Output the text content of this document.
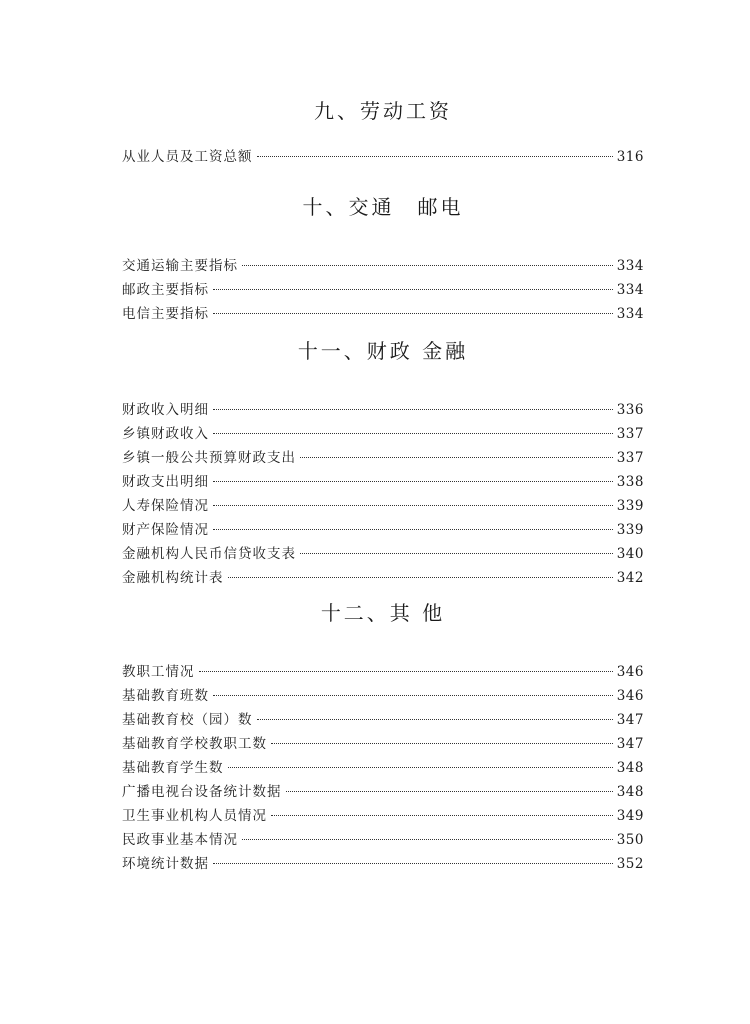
九、劳动工资
从业人员及工资总额	316
十、交通　邮电
交通运输主要指标	334
邮政主要指标	334
电信主要指标	334
十一、财政 金融
财政收入明细	336
乡镇财政收入	337
乡镇一般公共预算财政支出	337
财政支出明细	338
人寿保险情况	339
财产保险情况	339
金融机构人民币信贷收支表	340
金融机构统计表	342
十二、其 他
教职工情况	346
基础教育班数	346
基础教育校（园）数	347
基础教育学校教职工数	347
基础教育学生数	348
广播电视台设备统计数据	348
卫生事业机构人员情况	349
民政事业基本情况	350
环境统计数据	352
